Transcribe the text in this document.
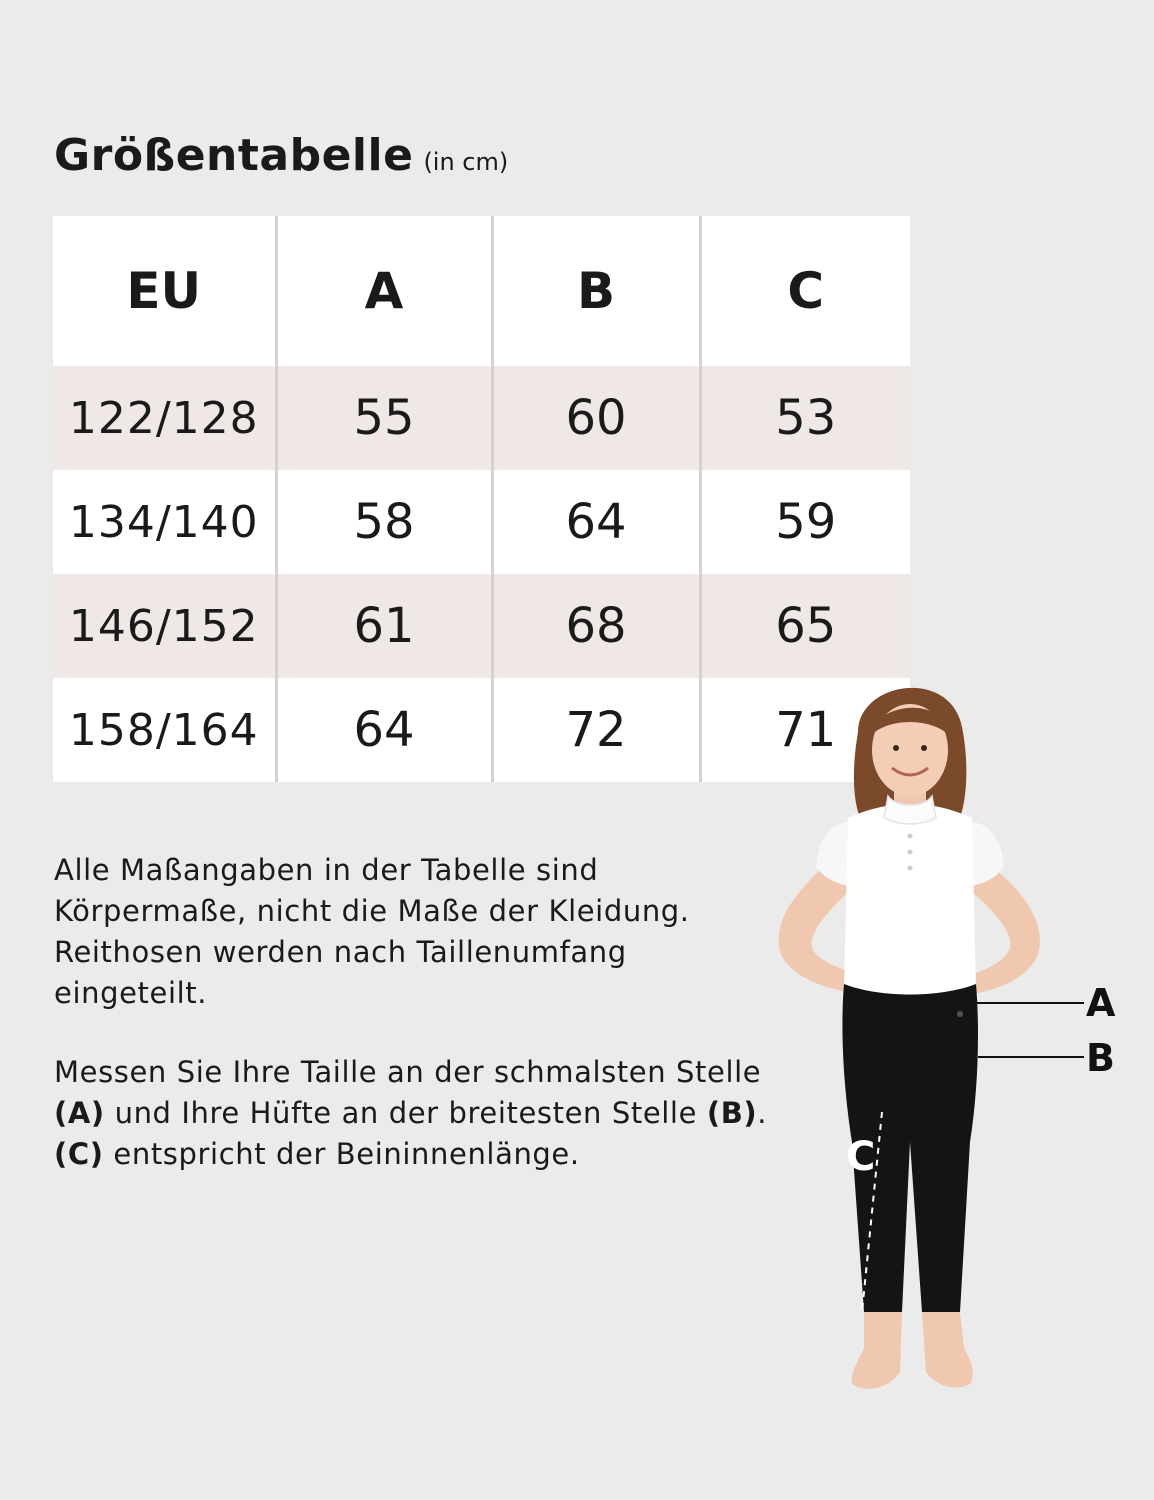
Größentabelle (in cm)
EU	A	B	C
122/128	55	60	53
134/140	58	64	59
146/152	61	68	65
158/164	64	72	71

Alle Maßangaben in der Tabelle sind Körpermaße, nicht die Maße der Kleidung. Reithosen werden nach Taillenumfang eingeteilt.

Messen Sie Ihre Taille an der schmalsten Stelle (A) und Ihre Hüfte an der breitesten Stelle (B). (C) entspricht der Beininnenlänge.

A
B
C
